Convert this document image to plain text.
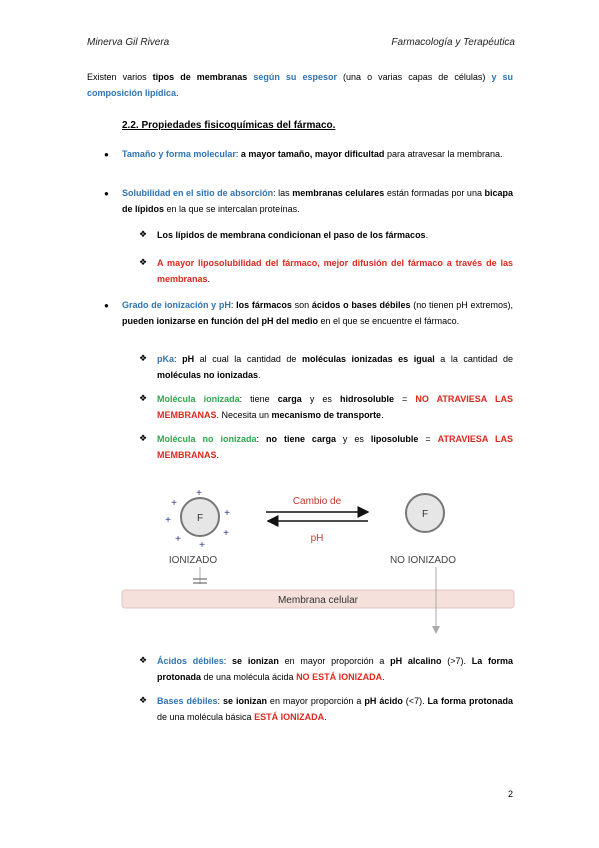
Minerva Gil Rivera	Farmacología y Terapéutica
Existen varios tipos de membranas según su espesor (una o varias capas de células) y su composición lipídica.
2.2. Propiedades fisicoquímicas del fármaco.
● Tamaño y forma molecular: a mayor tamaño, mayor dificultad para atravesar la membrana.
● Solubilidad en el sitio de absorción: las membranas celulares están formadas por una bicapa de lípidos en la que se intercalan proteínas.
❖ Los lípidos de membrana condicionan el paso de los fármacos.
❖ A mayor liposolubilidad del fármaco, mejor difusión del fármaco a través de las membranas.
● Grado de ionización y pH: los fármacos son ácidos o bases débiles (no tienen pH extremos), pueden ionizarse en función del pH del medio en el que se encuentre el fármaco.
❖ pKa: pH al cual la cantidad de moléculas ionizadas es igual a la cantidad de moléculas no ionizadas.
❖ Molécula ionizada: tiene carga y es hidrosoluble = NO ATRAVIESA LAS MEMBRANAS. Necesita un mecanismo de transporte.
❖ Molécula no ionizada: no tiene carga y es liposoluble = ATRAVIESA LAS MEMBRANAS.
F
+
+
+
+
+
+
+
Cambio de
pH
F
IONIZADO	NO IONIZADO
Membrana celular
❖ Ácidos débiles: se ionizan en mayor proporción a pH alcalino (>7). La forma protonada de una molécula ácida NO ESTÁ IONIZADA.
❖ Bases débiles: se ionizan en mayor proporción a pH ácido (<7). La forma protonada de una molécula básica ESTÁ IONIZADA.
2
